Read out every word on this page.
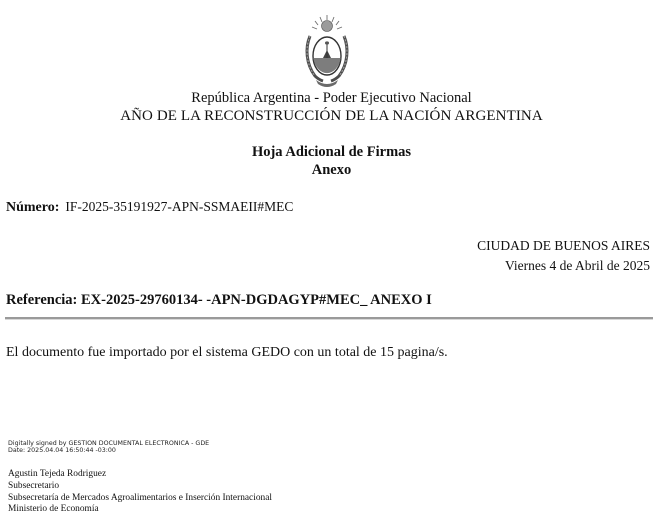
República Argentina - Poder Ejecutivo Nacional
AÑO DE LA RECONSTRUCCIÓN DE LA NACIÓN ARGENTINA
Hoja Adicional de Firmas
Anexo
Número: IF-2025-35191927-APN-SSMAEII#MEC
CIUDAD DE BUENOS AIRES
Viernes 4 de Abril de 2025
Referencia: EX-2025-29760134- -APN-DGDAGYP#MEC_ ANEXO I
El documento fue importado por el sistema GEDO con un total de 15 pagina/s.
Digitally signed by GESTION DOCUMENTAL ELECTRONICA - GDE
Date: 2025.04.04 16:50:44 -03:00
Agustin Tejeda Rodriguez
Subsecretario
Subsecretaría de Mercados Agroalimentarios e Inserción Internacional
Ministerio de Economía
